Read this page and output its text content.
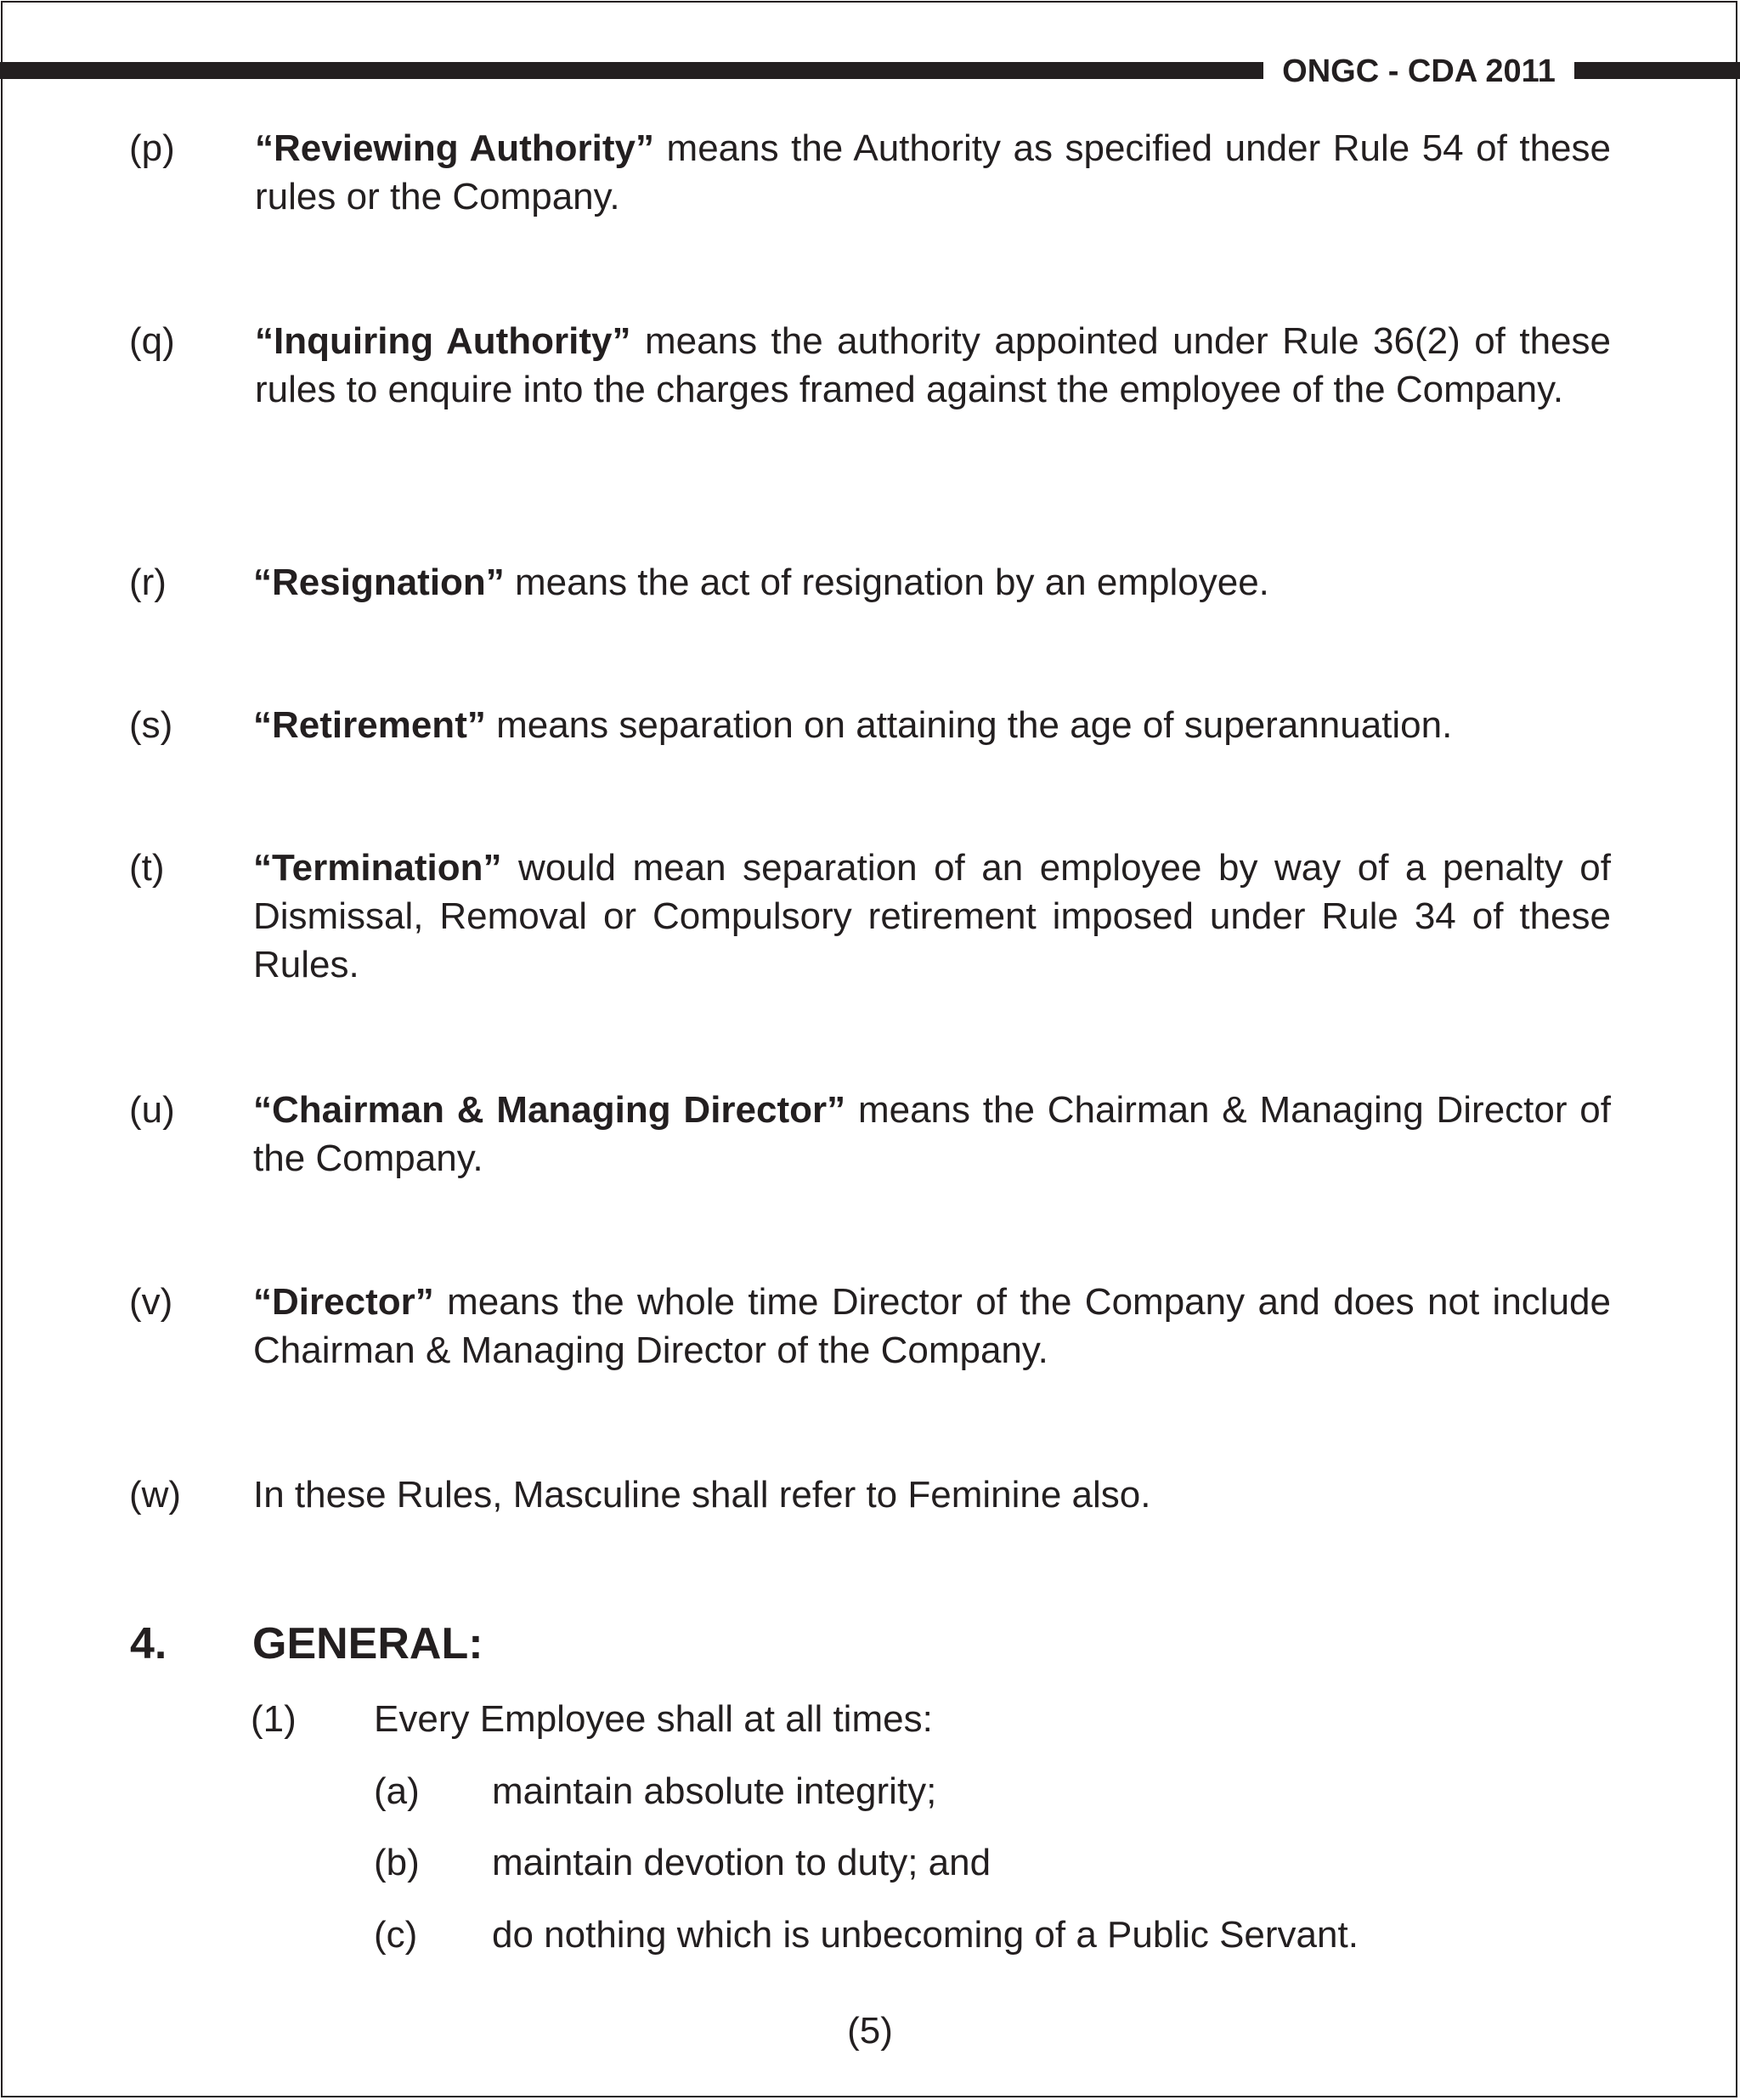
ONGC - CDA 2011
(p) “Reviewing Authority” means the Authority as specified under Rule 54 of these rules or the Company.
(q) “Inquiring Authority” means the authority appointed under Rule 36(2) of these rules to enquire into the charges framed against the employee of the Company.
(r) “Resignation” means the act of resignation by an employee.
(s) “Retirement” means separation on attaining the age of superannuation.
(t) “Termination” would mean separation of an employee by way of a penalty of Dismissal, Removal or Compulsory retirement imposed under Rule 34 of these Rules.
(u) “Chairman & Managing Director” means the Chairman & Managing Director of the Company.
(v) “Director” means the whole time Director of the Company and does not include Chairman & Managing Director of the Company.
(w) In these Rules, Masculine shall refer to Feminine also.
4. GENERAL:
(1) Every Employee shall at all times:
(a) maintain absolute integrity;
(b) maintain devotion to duty; and
(c) do nothing which is unbecoming of a Public Servant.
(5)
